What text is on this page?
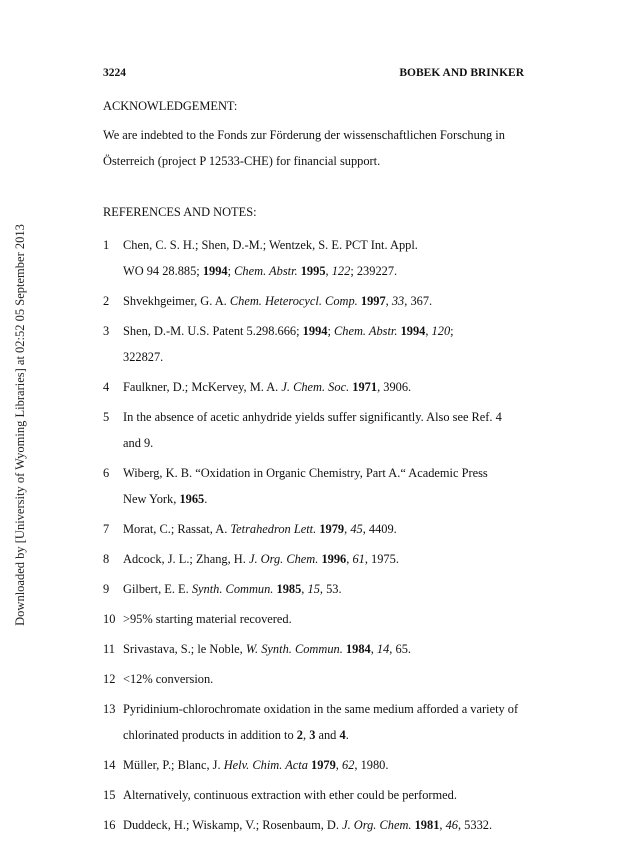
Downloaded by [University of Wyoming Libraries] at 02:52 05 September 2013
3224	BOBEK AND BRINKER
ACKNOWLEDGEMENT:
We are indebted to the Fonds zur Förderung der wissenschaftlichen Forschung in
Österreich (project P 12533-CHE) for financial support.
REFERENCES AND NOTES:
1	Chen, C. S. H.; Shen, D.-M.; Wentzek, S. E. PCT Int. Appl.
WO 94 28.885; 1994; Chem. Abstr. 1995, 122; 239227.
2	Shvekhgeimer, G. A. Chem. Heterocycl. Comp. 1997, 33, 367.
3	Shen, D.-M. U.S. Patent 5.298.666; 1994; Chem. Abstr. 1994, 120;
322827.
4	Faulkner, D.; McKervey, M. A. J. Chem. Soc. 1971, 3906.
5	In the absence of acetic anhydride yields suffer significantly. Also see Ref. 4
and 9.
6	Wiberg, K. B. “Oxidation in Organic Chemistry, Part A.“ Academic Press
New York, 1965.
7	Morat, C.; Rassat, A. Tetrahedron Lett. 1979, 45, 4409.
8	Adcock, J. L.; Zhang, H. J. Org. Chem. 1996, 61, 1975.
9	Gilbert, E. E. Synth. Commun. 1985, 15, 53.
10 >95% starting material recovered.
11 Srivastava, S.; le Noble, W. Synth. Commun. 1984, 14, 65.
12 <12% conversion.
13 Pyridinium-chlorochromate oxidation in the same medium afforded a variety of
chlorinated products in addition to 2, 3 and 4.
14 Müller, P.; Blanc, J. Helv. Chim. Acta 1979, 62, 1980.
15 Alternatively, continuous extraction with ether could be performed.
16 Duddeck, H.; Wiskamp, V.; Rosenbaum, D. J. Org. Chem. 1981, 46, 5332.
